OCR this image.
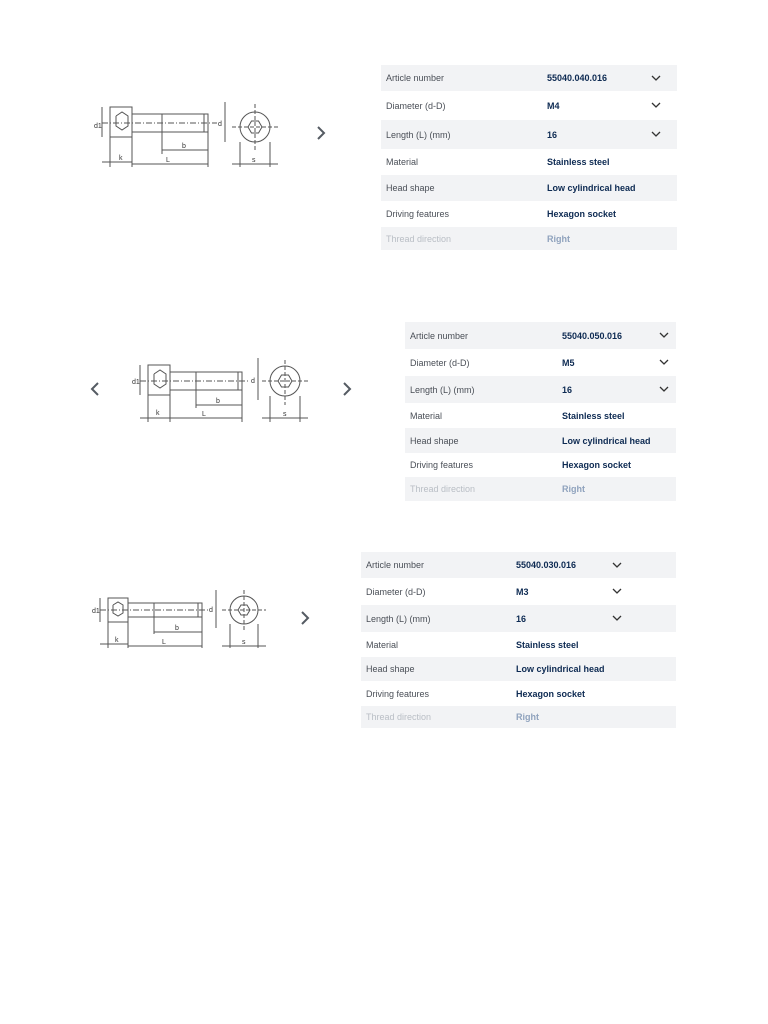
d1
k	L
b
d
s
Article number	55040.040.016
Diameter (d-D)	M4
Length (L) (mm)	16
Material	Stainless steel
Head shape	Low cylindrical head
Driving features	Hexagon socket
Thread direction	Right
d1
k	L
b
d
s
Article number	55040.050.016
Diameter (d-D)	M5
Length (L) (mm)	16
Material	Stainless steel
Head shape	Low cylindrical head
Driving features	Hexagon socket
Thread direction	Right
d1
k	L
b
d
s
Article number	55040.030.016
Diameter (d-D)	M3
Length (L) (mm)	16
Material	Stainless steel
Head shape	Low cylindrical head
Driving features	Hexagon socket
Thread direction	Right
